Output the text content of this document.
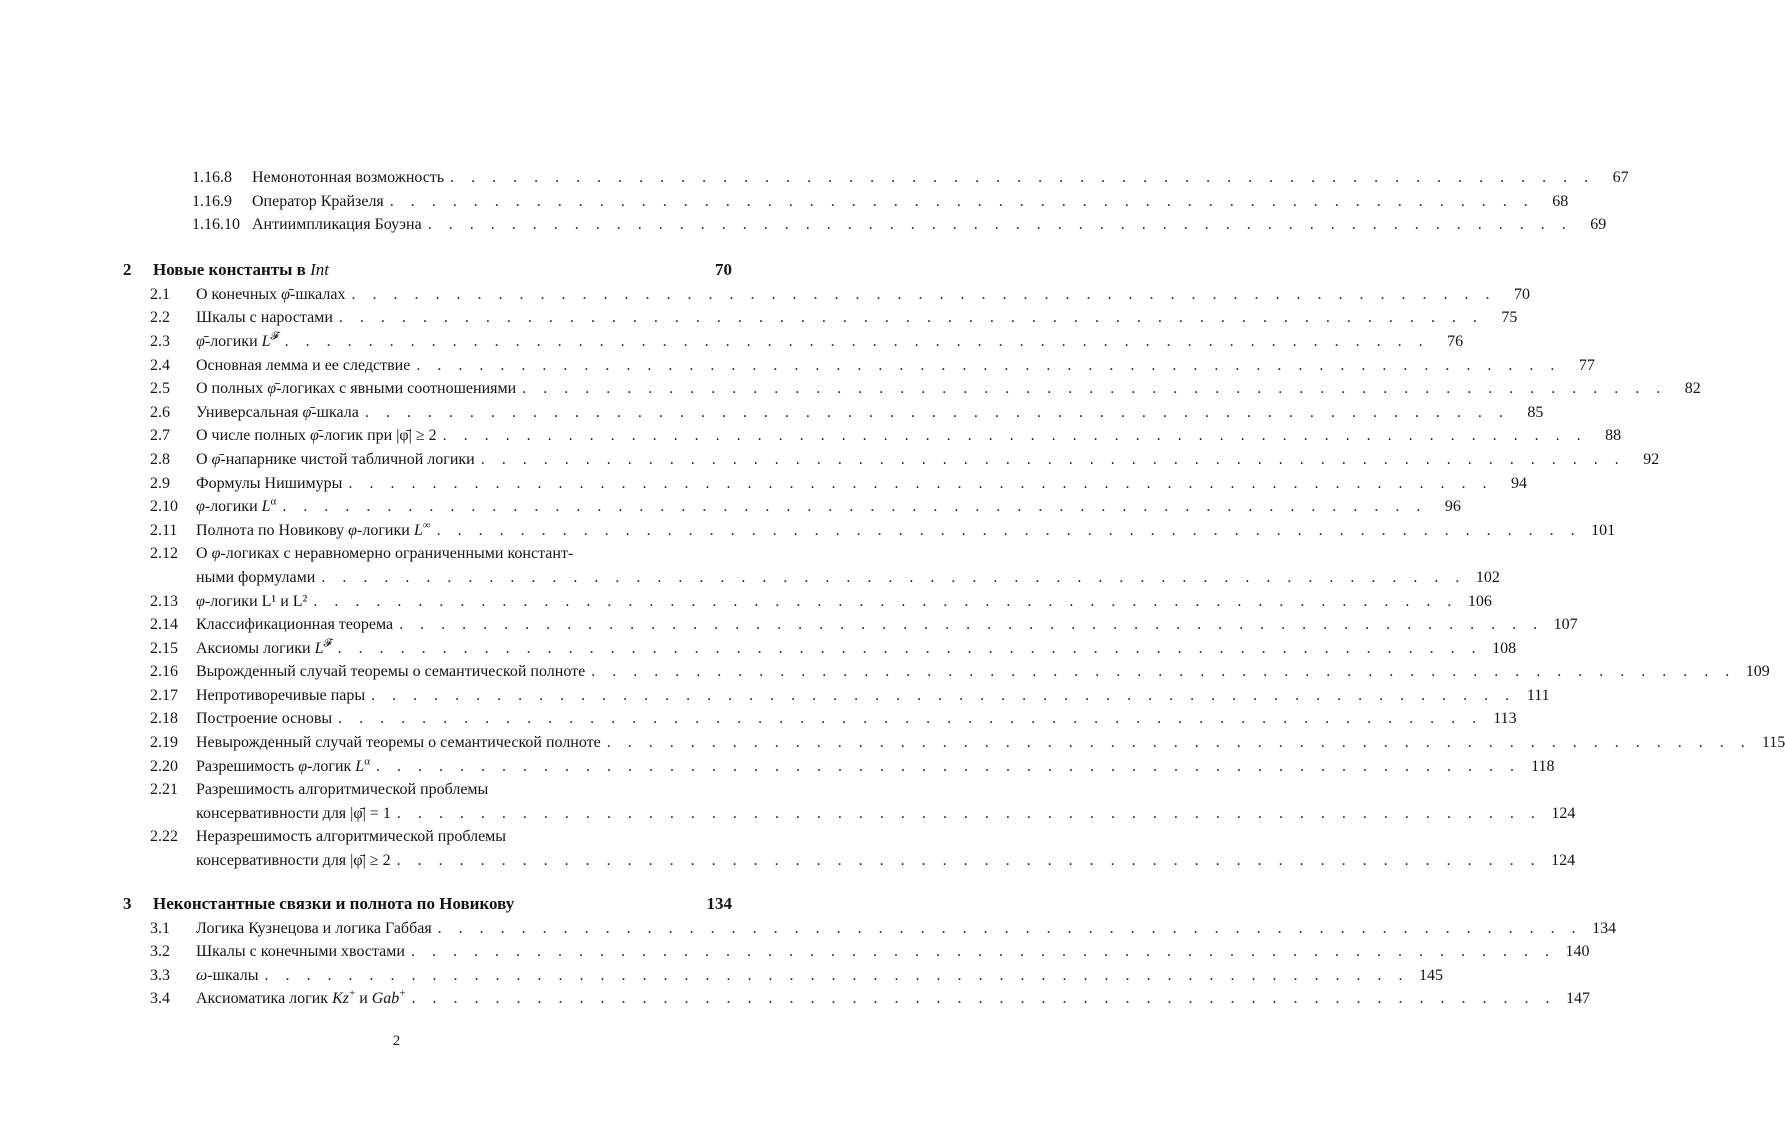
1.16.8	Немонотонная возможность . . . . . . . . . . . . . . . . . . . . . . . . . . . . . . . . . . . . . . . . . . . . . . . . . . . . . . .	67
1.16.9	Оператор Крайзеля . . . . . . . . . . . . . . . . . . . . . . . . . . . . . . . . . . . . . . . . . . . . . . . . . . . . . . .	68
1.16.10 Антиимпликация Боуэна . . . . . . . . . . . . . . . . . . . . . . . . . . . . . . . . . . . . . . . . . . . . . . . . . . . . . . .	69
2	Новые константы в Int	70
2.1	О конечных φ̄-шкалах . . . . . . . . . . . . . . . . . . . . . . . . . . . . . . . . . . . . . . . . . . . . . . . . . . . . . . .	70
2.2	Шкалы с наростами . . . . . . . . . . . . . . . . . . . . . . . . . . . . . . . . . . . . . . . . . . . . . . . . . . . . . . .	75
2.3	φ̄-логики $L^𝓕$ . . . . . . . . . . . . . . . . . . . . . . . . . . . . . . . . . . . . . . . . . . . . . . . . . . . . . . .	76
2.4	Основная лемма и ее следствие . . . . . . . . . . . . . . . . . . . . . . . . . . . . . . . . . . . . . . . . . . . . . . . . . . . . . . .	77
2.5	О полных φ̄-логиках с явными соотношениями . . . . . . . . . . . . . . . . . . . . . . . . . . . . . . . . . . . . . . . . . . . . . . . . . . . . . . .	82
2.6	Универсальная φ̄-шкала . . . . . . . . . . . . . . . . . . . . . . . . . . . . . . . . . . . . . . . . . . . . . . . . . . . . . . .	85
2.7	О числе полных φ̄-логик при |φ̄| ≥ 2 . . . . . . . . . . . . . . . . . . . . . . . . . . . . . . . . . . . . . . . . . . . . . . . . . . . . . . .	88
2.8	О φ̄-напарнике чистой табличной логики . . . . . . . . . . . . . . . . . . . . . . . . . . . . . . . . . . . . . . . . . . . . . . . . . . . . . . .	92
2.9	Формулы Нишимуры . . . . . . . . . . . . . . . . . . . . . . . . . . . . . . . . . . . . . . . . . . . . . . . . . . . . . . .	94
2.10	φ-логики $L^\alpha$ . . . . . . . . . . . . . . . . . . . . . . . . . . . . . . . . . . . . . . . . . . . . . . . . . . . . . . .	96
2.11	Полнота по Новикову φ-логики L∞ . . . . . . . . . . . . . . . . . . . . . . . . . . . . . . . . . . . . . . . . . . . . . . . . . . . . . . . 101
2.12	О φ-логиках с неравномерно ограниченными констант-
ными формулами . . . . . . . . . . . . . . . . . . . . . . . . . . . . . . . . . . . . . . . . . . . . . . . . . . . . . . . 102
2.13	φ-логики L¹ и L² . . . . . . . . . . . . . . . . . . . . . . . . . . . . . . . . . . . . . . . . . . . . . . . . . . . . . . . 106
2.14	Классификационная теорема . . . . . . . . . . . . . . . . . . . . . . . . . . . . . . . . . . . . . . . . . . . . . . . . . . . . . . . 107
2.15	Аксиомы логики $L^𝓕$ . . . . . . . . . . . . . . . . . . . . . . . . . . . . . . . . . . . . . . . . . . . . . . . . . . . . . . . 108
2.16	Вырожденный случай теоремы о семантической полноте . . . . . . . . . . . . . . . . . . . . . . . . . . . . . . . . . . . . . . . . . . . . . . . . . . . . . . . 109
2.17	Непротиворечивые пары . . . . . . . . . . . . . . . . . . . . . . . . . . . . . . . . . . . . . . . . . . . . . . . . . . . . . . . 111
2.18	Построение основы . . . . . . . . . . . . . . . . . . . . . . . . . . . . . . . . . . . . . . . . . . . . . . . . . . . . . . . 113
2.19	Невырожденный случай теоремы о семантической полноте . . . . . . . . . . . . . . . . . . . . . . . . . . . . . . . . . . . . . . . . . . . . . . . . . . . . . . . 115
2.20	Разрешимость φ-логик $L^\alpha$ . . . . . . . . . . . . . . . . . . . . . . . . . . . . . . . . . . . . . . . . . . . . . . . . . . . . . . . 118
2.21	Разрешимость алгоритмической проблемы
консервативности для |φ̄| = 1 . . . . . . . . . . . . . . . . . . . . . . . . . . . . . . . . . . . . . . . . . . . . . . . . . . . . . . . 124
2.22	Неразрешимость алгоритмической проблемы
консервативности для |φ̄| ≥ 2 . . . . . . . . . . . . . . . . . . . . . . . . . . . . . . . . . . . . . . . . . . . . . . . . . . . . . . . 124
3	Неконстантные связки и полнота по Новикову	134
3.1	Логика Кузнецова и логика Габбая . . . . . . . . . . . . . . . . . . . . . . . . . . . . . . . . . . . . . . . . . . . . . . . . . . . . . . . 134
3.2	Шкалы с конечными хвостами . . . . . . . . . . . . . . . . . . . . . . . . . . . . . . . . . . . . . . . . . . . . . . . . . . . . . . . 140
3.3	ω-шкалы . . . . . . . . . . . . . . . . . . . . . . . . . . . . . . . . . . . . . . . . . . . . . . . . . . . . . . . 145
3.4	Аксиоматика логик Kz+ и Gab+ . . . . . . . . . . . . . . . . . . . . . . . . . . . . . . . . . . . . . . . . . . . . . . . . . . . . . . . 147
2
